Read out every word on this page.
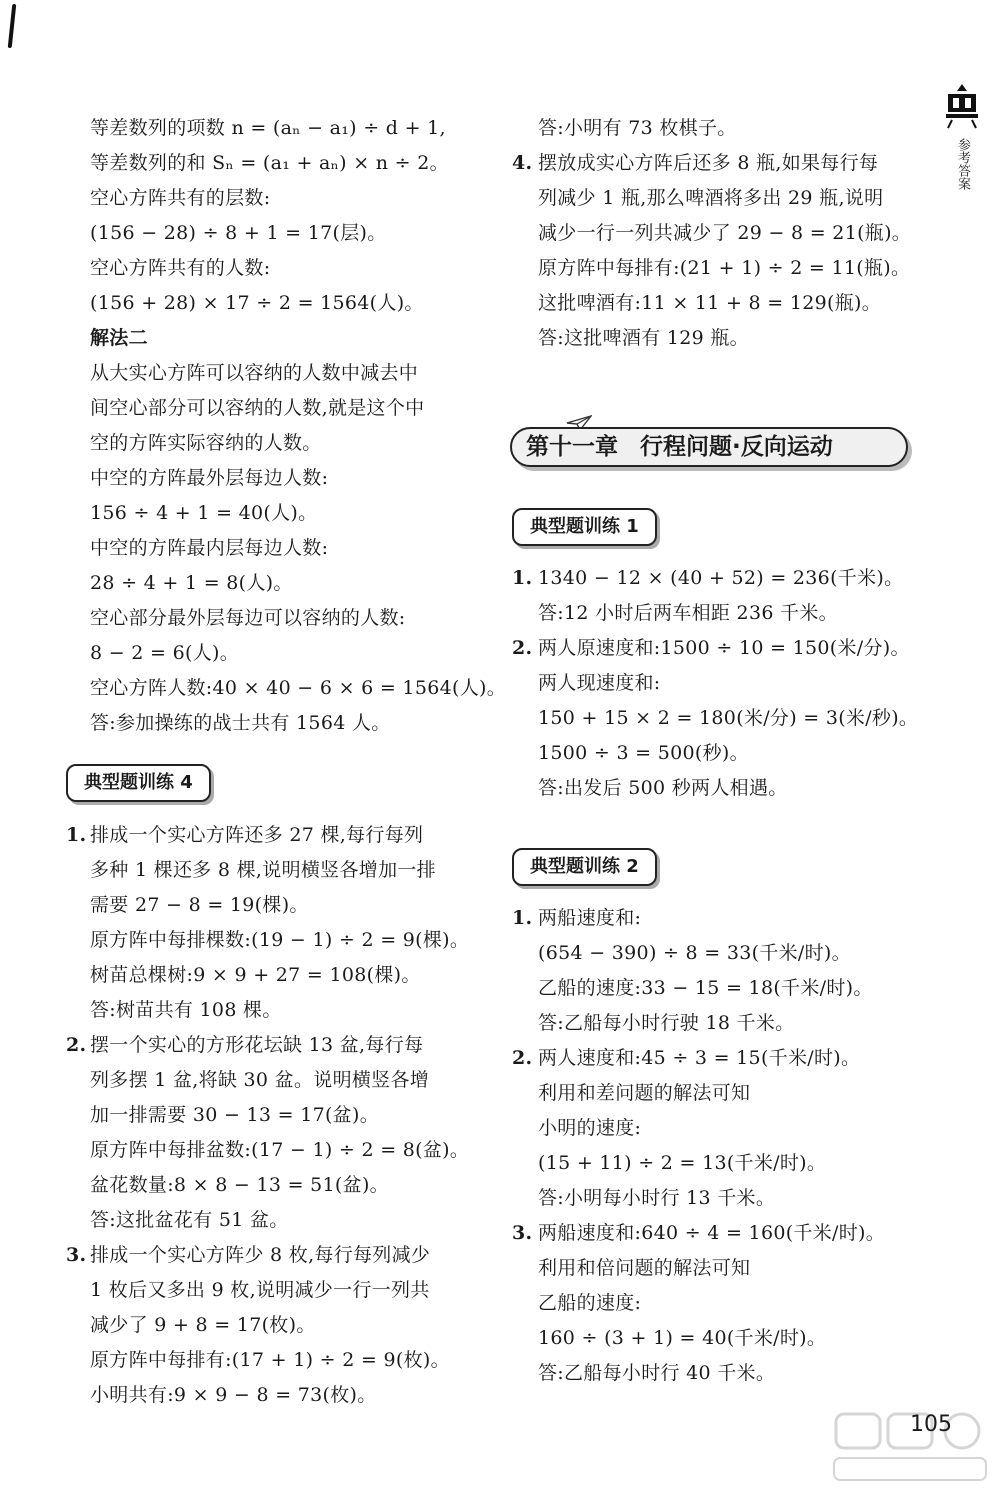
参考答案
等差数列的项数 n = (aₙ − a₁) ÷ d + 1,
等差数列的和 Sₙ = (a₁ + aₙ) × n ÷ 2。
空心方阵共有的层数:
(156 − 28) ÷ 8 + 1 = 17(层)。
空心方阵共有的人数:
(156 + 28) × 17 ÷ 2 = 1564(人)。
解法二
从大实心方阵可以容纳的人数中减去中
间空心部分可以容纳的人数,就是这个中
空的方阵实际容纳的人数。
中空的方阵最外层每边人数:
156 ÷ 4 + 1 = 40(人)。
中空的方阵最内层每边人数:
28 ÷ 4 + 1 = 8(人)。
空心部分最外层每边可以容纳的人数:
8 − 2 = 6(人)。
空心方阵人数:40 × 40 − 6 × 6 = 1564(人)。
答:参加操练的战士共有 1564 人。
典型题训练 4
1. 排成一个实心方阵还多 27 棵,每行每列
多种 1 棵还多 8 棵,说明横竖各增加一排
需要 27 − 8 = 19(棵)。
原方阵中每排棵数:(19 − 1) ÷ 2 = 9(棵)。
树苗总棵树:9 × 9 + 27 = 108(棵)。
答:树苗共有 108 棵。
2. 摆一个实心的方形花坛缺 13 盆,每行每
列多摆 1 盆,将缺 30 盆。说明横竖各增
加一排需要 30 − 13 = 17(盆)。
原方阵中每排盆数:(17 − 1) ÷ 2 = 8(盆)。
盆花数量:8 × 8 − 13 = 51(盆)。
答:这批盆花有 51 盆。
3. 排成一个实心方阵少 8 枚,每行每列减少
1 枚后又多出 9 枚,说明减少一行一列共
减少了 9 + 8 = 17(枚)。
原方阵中每排有:(17 + 1) ÷ 2 = 9(枚)。
小明共有:9 × 9 − 8 = 73(枚)。
答:小明有 73 枚棋子。
4. 摆放成实心方阵后还多 8 瓶,如果每行每
列减少 1 瓶,那么啤酒将多出 29 瓶,说明
减少一行一列共减少了 29 − 8 = 21(瓶)。
原方阵中每排有:(21 + 1) ÷ 2 = 11(瓶)。
这批啤酒有:11 × 11 + 8 = 129(瓶)。
答:这批啤酒有 129 瓶。
第十一章 行程问题·反向运动
典型题训练 1
1. 1340 − 12 × (40 + 52) = 236(千米)。
答:12 小时后两车相距 236 千米。
2. 两人原速度和:1500 ÷ 10 = 150(米/分)。
两人现速度和:
150 + 15 × 2 = 180(米/分) = 3(米/秒)。
1500 ÷ 3 = 500(秒)。
答:出发后 500 秒两人相遇。
典型题训练 2
1. 两船速度和:
(654 − 390) ÷ 8 = 33(千米/时)。
乙船的速度:33 − 15 = 18(千米/时)。
答:乙船每小时行驶 18 千米。
2. 两人速度和:45 ÷ 3 = 15(千米/时)。
利用和差问题的解法可知
小明的速度:
(15 + 11) ÷ 2 = 13(千米/时)。
答:小明每小时行 13 千米。
3. 两船速度和:640 ÷ 4 = 160(千米/时)。
利用和倍问题的解法可知
乙船的速度:
160 ÷ (3 + 1) = 40(千米/时)。
答:乙船每小时行 40 千米。
105
